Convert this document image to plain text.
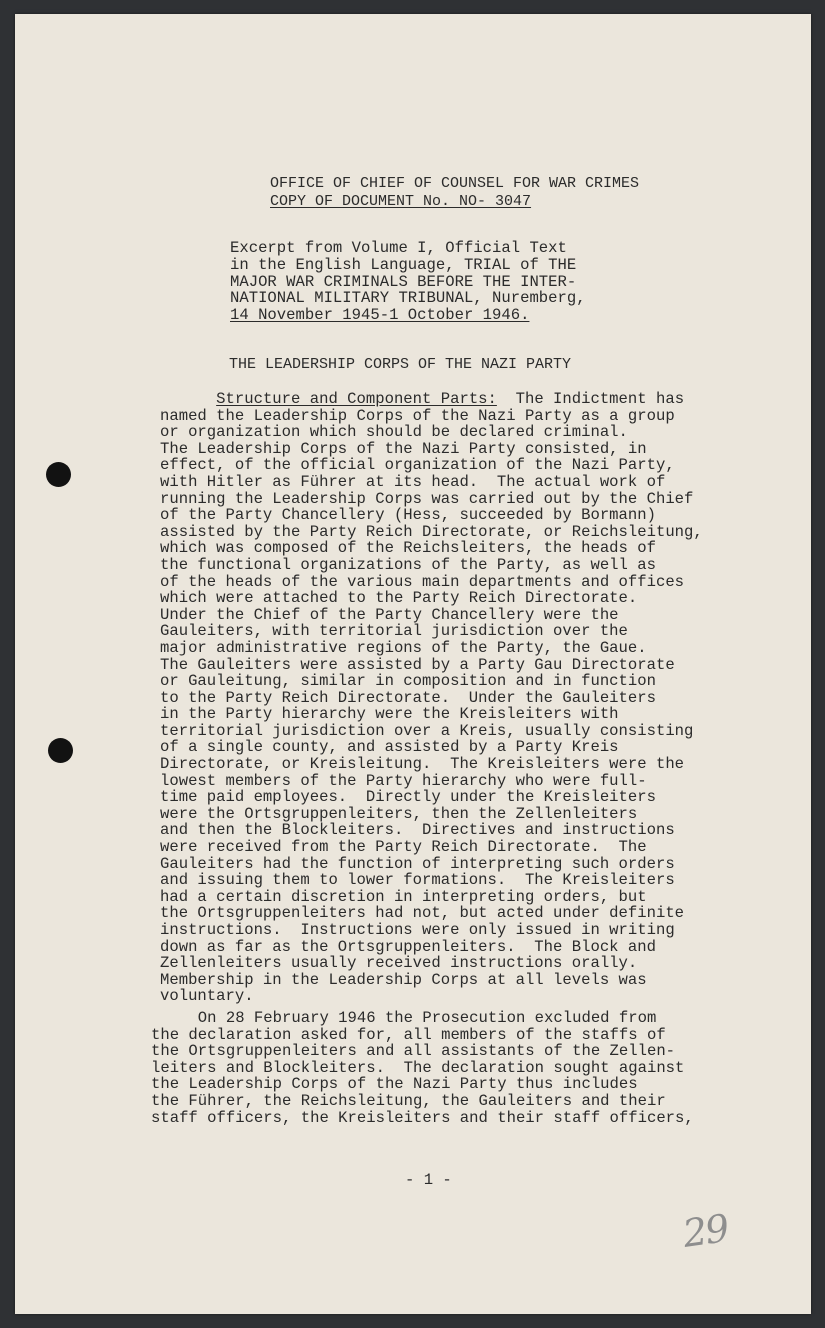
OFFICE OF CHIEF OF COUNSEL FOR WAR CRIMES
COPY OF DOCUMENT No. NO- 3047
Excerpt from Volume I, Official Text
in the English Language, TRIAL of THE
MAJOR WAR CRIMINALS BEFORE THE INTER-
NATIONAL MILITARY TRIBUNAL, Nuremberg,
14 November 1945-1 October 1946.
THE LEADERSHIP CORPS OF THE NAZI PARTY
Structure and Component Parts: The Indictment has
named the Leadership Corps of the Nazi Party as a group
or organization which should be declared criminal.
The Leadership Corps of the Nazi Party consisted, in
effect, of the official organization of the Nazi Party,
with Hitler as Führer at its head.  The actual work of
running the Leadership Corps was carried out by the Chief
of the Party Chancellery (Hess, succeeded by Bormann)
assisted by the Party Reich Directorate, or Reichsleitung,
which was composed of the Reichsleiters, the heads of
the functional organizations of the Party, as well as
of the heads of the various main departments and offices
which were attached to the Party Reich Directorate.
Under the Chief of the Party Chancellery were the
Gauleiters, with territorial jurisdiction over the
major administrative regions of the Party, the Gaue.
The Gauleiters were assisted by a Party Gau Directorate
or Gauleitung, similar in composition and in function
to the Party Reich Directorate.  Under the Gauleiters
in the Party hierarchy were the Kreisleiters with
territorial jurisdiction over a Kreis, usually consisting
of a single county, and assisted by a Party Kreis
Directorate, or Kreisleitung.  The Kreisleiters were the
lowest members of the Party hierarchy who were full-
time paid employees.  Directly under the Kreisleiters
were the Ortsgruppenleiters, then the Zellenleiters
and then the Blockleiters.  Directives and instructions
were received from the Party Reich Directorate.  The
Gauleiters had the function of interpreting such orders
and issuing them to lower formations.  The Kreisleiters
had a certain discretion in interpreting orders, but
the Ortsgruppenleiters had not, but acted under definite
instructions.  Instructions were only issued in writing
down as far as the Ortsgruppenleiters.  The Block and
Zellenleiters usually received instructions orally.
Membership in the Leadership Corps at all levels was
voluntary.
On 28 February 1946 the Prosecution excluded from
the declaration asked for, all members of the staffs of
the Ortsgruppenleiters and all assistants of the Zellen-
leiters and Blockleiters.  The declaration sought against
the Leadership Corps of the Nazi Party thus includes
the Führer, the Reichsleitung, the Gauleiters and their
staff officers, the Kreisleiters and their staff officers,
- 1 -
29
